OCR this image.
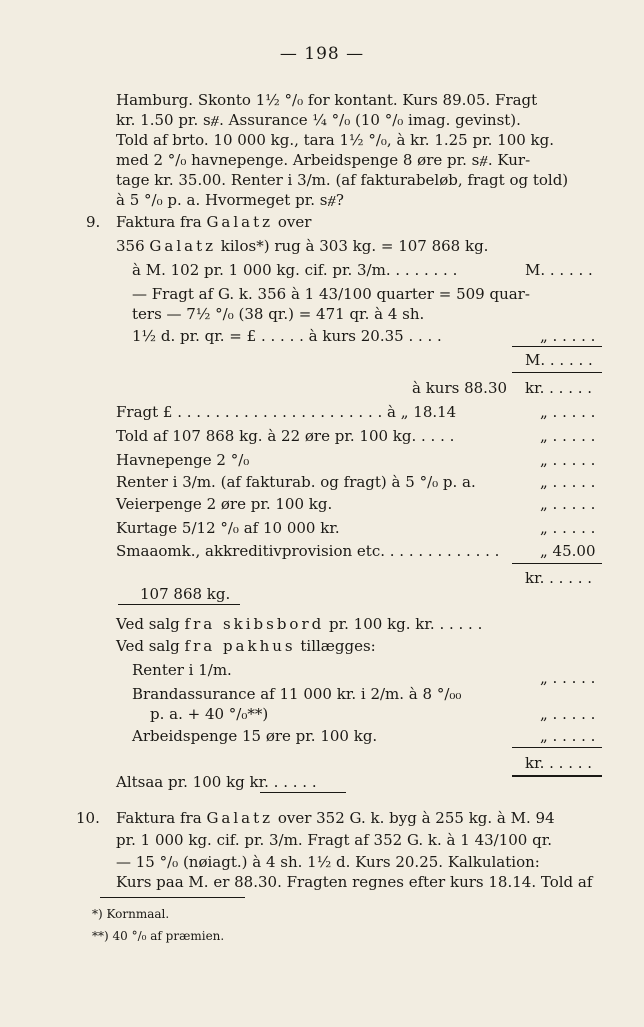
— 198 —
Hamburg. Skonto 1½ °/₀ for kontant. Kurs 89.05. Fragt
kr. 1.50 pr. s⧣. Assurance ¼ °/₀ (10 °/₀ imag. gevinst).
Told af brto. 10 000 kg., tara 1½ °/₀, à kr. 1.25 pr. 100 kg.
med 2 °/₀ havnepenge. Arbeidspenge 8 øre pr. s⧣. Kur-
tage kr. 35.00. Renter i 3/m. (af fakturabeløb, fragt og told)
à 5 °/₀ p. a. Hvormeget pr. s⧣?
9. Faktura fra Galatz over
356 Galatz kilos*) rug à 303 kg. = 107 868 kg.
à M. 102 pr. 1 000 kg. cif. pr. 3/m. . . . . . . .	M. . . . . .
— Fragt af G. k. 356 à 1 43/100 quarter = 509 quar-
ters — 7½ °/₀ (38 qr.) = 471 qr. à 4 sh.
1½ d. pr. qr. = £ . . . . . à kurs 20.35 . . . .	„ . . . . .
M. . . . . .
à kurs 88.30 kr. . . . . .
Fragt £ . . . . . . . . . . . . . . . . . . . . . . à „ 18.14	„ . . . . .
Told af 107 868 kg. à 22 øre pr. 100 kg. . . . .	„ . . . . .
Havnepenge 2 °/₀	„ . . . . .
Renter i 3/m. (af fakturab. og fragt) à 5 °/₀ p. a.	„ . . . . .
Veierpenge 2 øre pr. 100 kg.	„ . . . . .
Kurtage 5/12 °/₀ af 10 000 kr.	„ . . . . .
Smaaomk., akkreditivprovision etc. . . . . . . . . . . . .	„ 45.00
kr. . . . . .
107 868 kg.
Ved salg fra skibsbord pr. 100 kg. kr. . . . . .
Ved salg fra pakhus tillægges:
Renter i 1/m.	„ . . . . .
Brandassurance af 11 000 kr. i 2/m. à 8 °/₀₀
p. a. + 40 °/₀**)	„ . . . . .
Arbeidspenge 15 øre pr. 100 kg.	„ . . . . .
kr. . . . . .
Altsaa pr. 100 kg kr. . . . . .
10. Faktura fra Galatz over 352 G. k. byg à 255 kg. à M. 94
pr. 1 000 kg. cif. pr. 3/m. Fragt af 352 G. k. à 1 43/100 qr.
— 15 °/₀ (nøiagt.) à 4 sh. 1½ d. Kurs 20.25. Kalkulation:
Kurs paa M. er 88.30. Fragten regnes efter kurs 18.14. Told af
*) Kornmaal.
**) 40 °/₀ af præmien.
